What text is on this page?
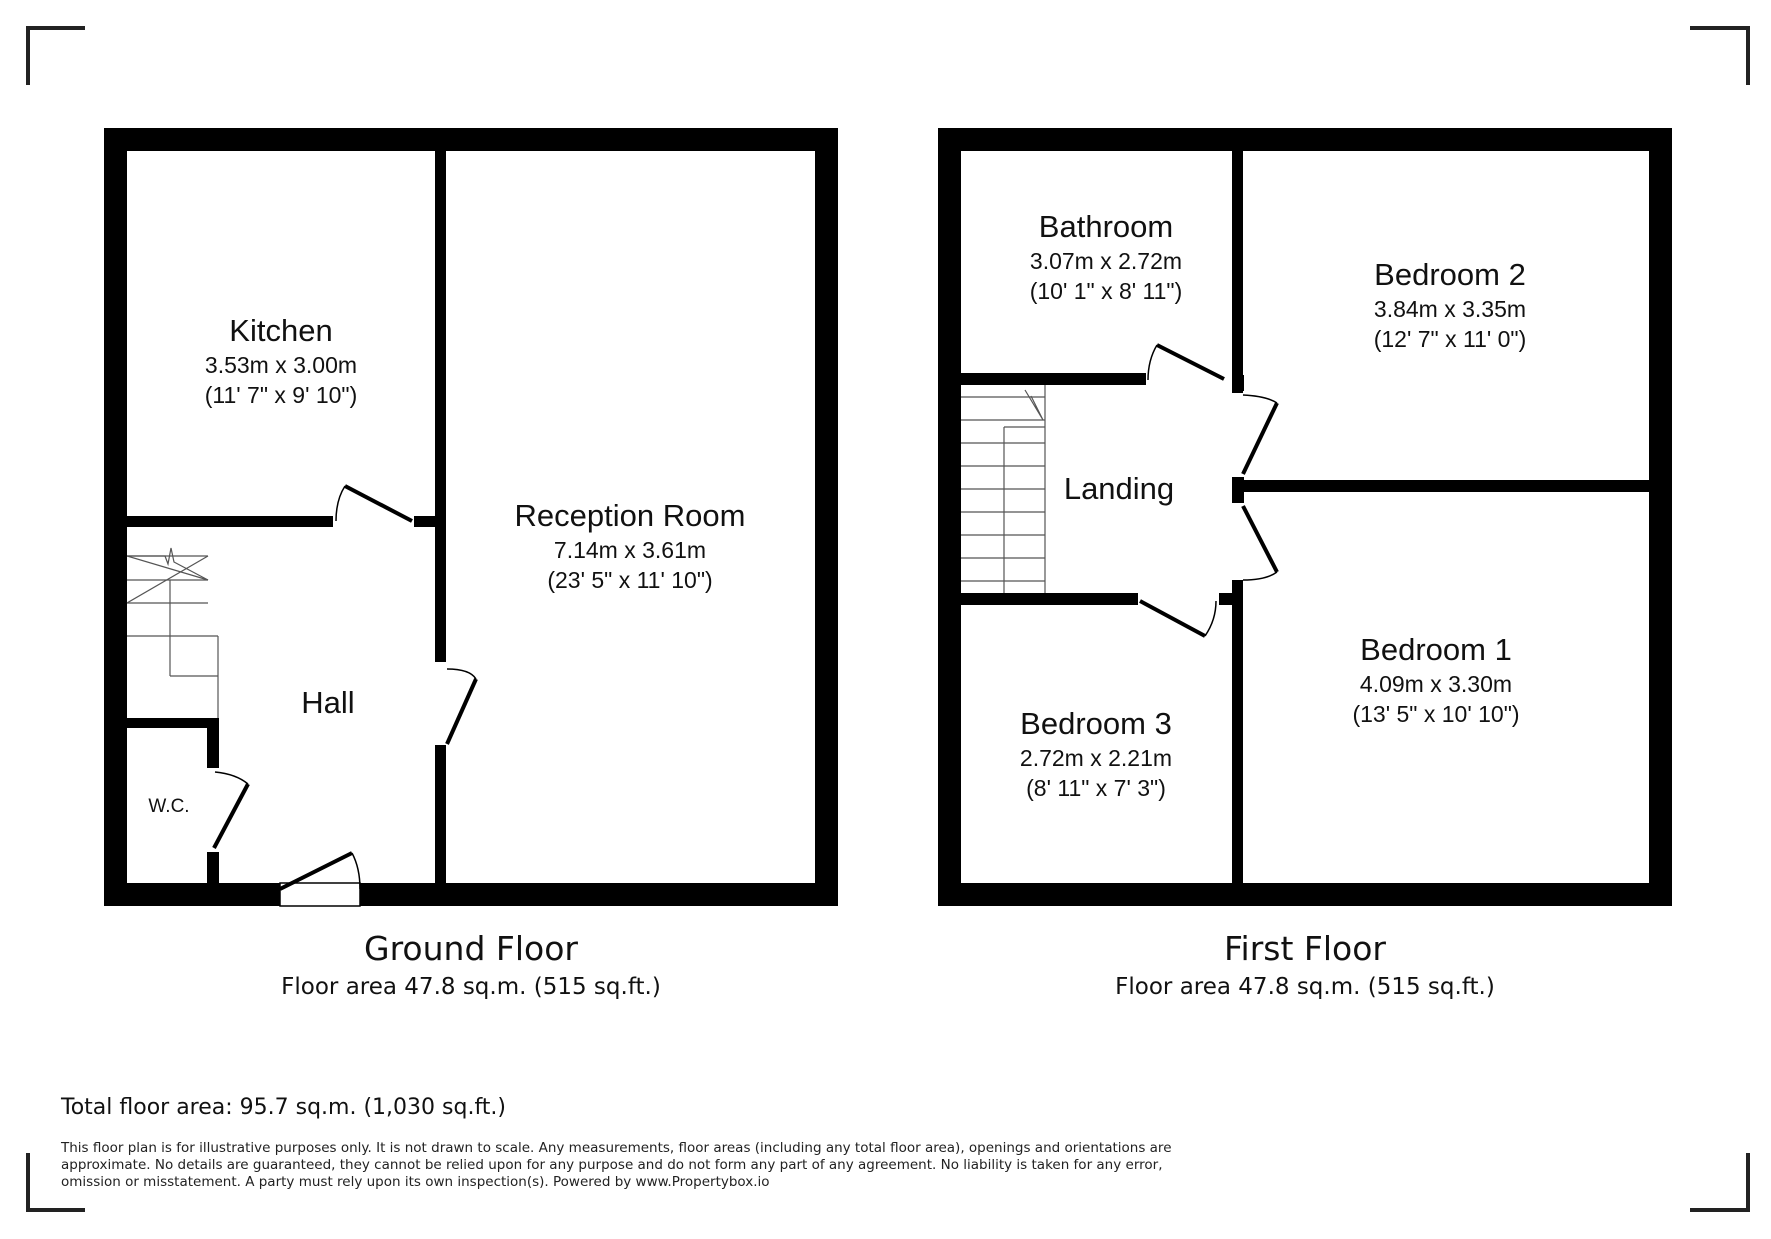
Kitchen
3.53m x 3.00m
(11' 7" x 9' 10")
Reception Room
7.14m x 3.61m
(23' 5" x 11' 10")
Hall
W.C.
Bathroom
3.07m x 2.72m
(10' 1" x 8' 11")	Bedroom 2
3.84m x 3.35m
(12' 7" x 11' 0")
Landing
Bedroom 1
4.09m x 3.30m
(13' 5" x 10' 10")
Bedroom 3
2.72m x 2.21m
(8' 11" x 7' 3")
Ground Floor
Floor area 47.8 sq.m. (515 sq.ft.)
First Floor
Floor area 47.8 sq.m. (515 sq.ft.)
Total floor area: 95.7 sq.m. (1,030 sq.ft.)
This floor plan is for illustrative purposes only. It is not drawn to scale. Any measurements, floor areas (including any total floor area), openings and orientations are
approximate. No details are guaranteed, they cannot be relied upon for any purpose and do not form any part of any agreement. No liability is taken for any error,
omission or misstatement. A party must rely upon its own inspection(s). Powered by www.Propertybox.io
